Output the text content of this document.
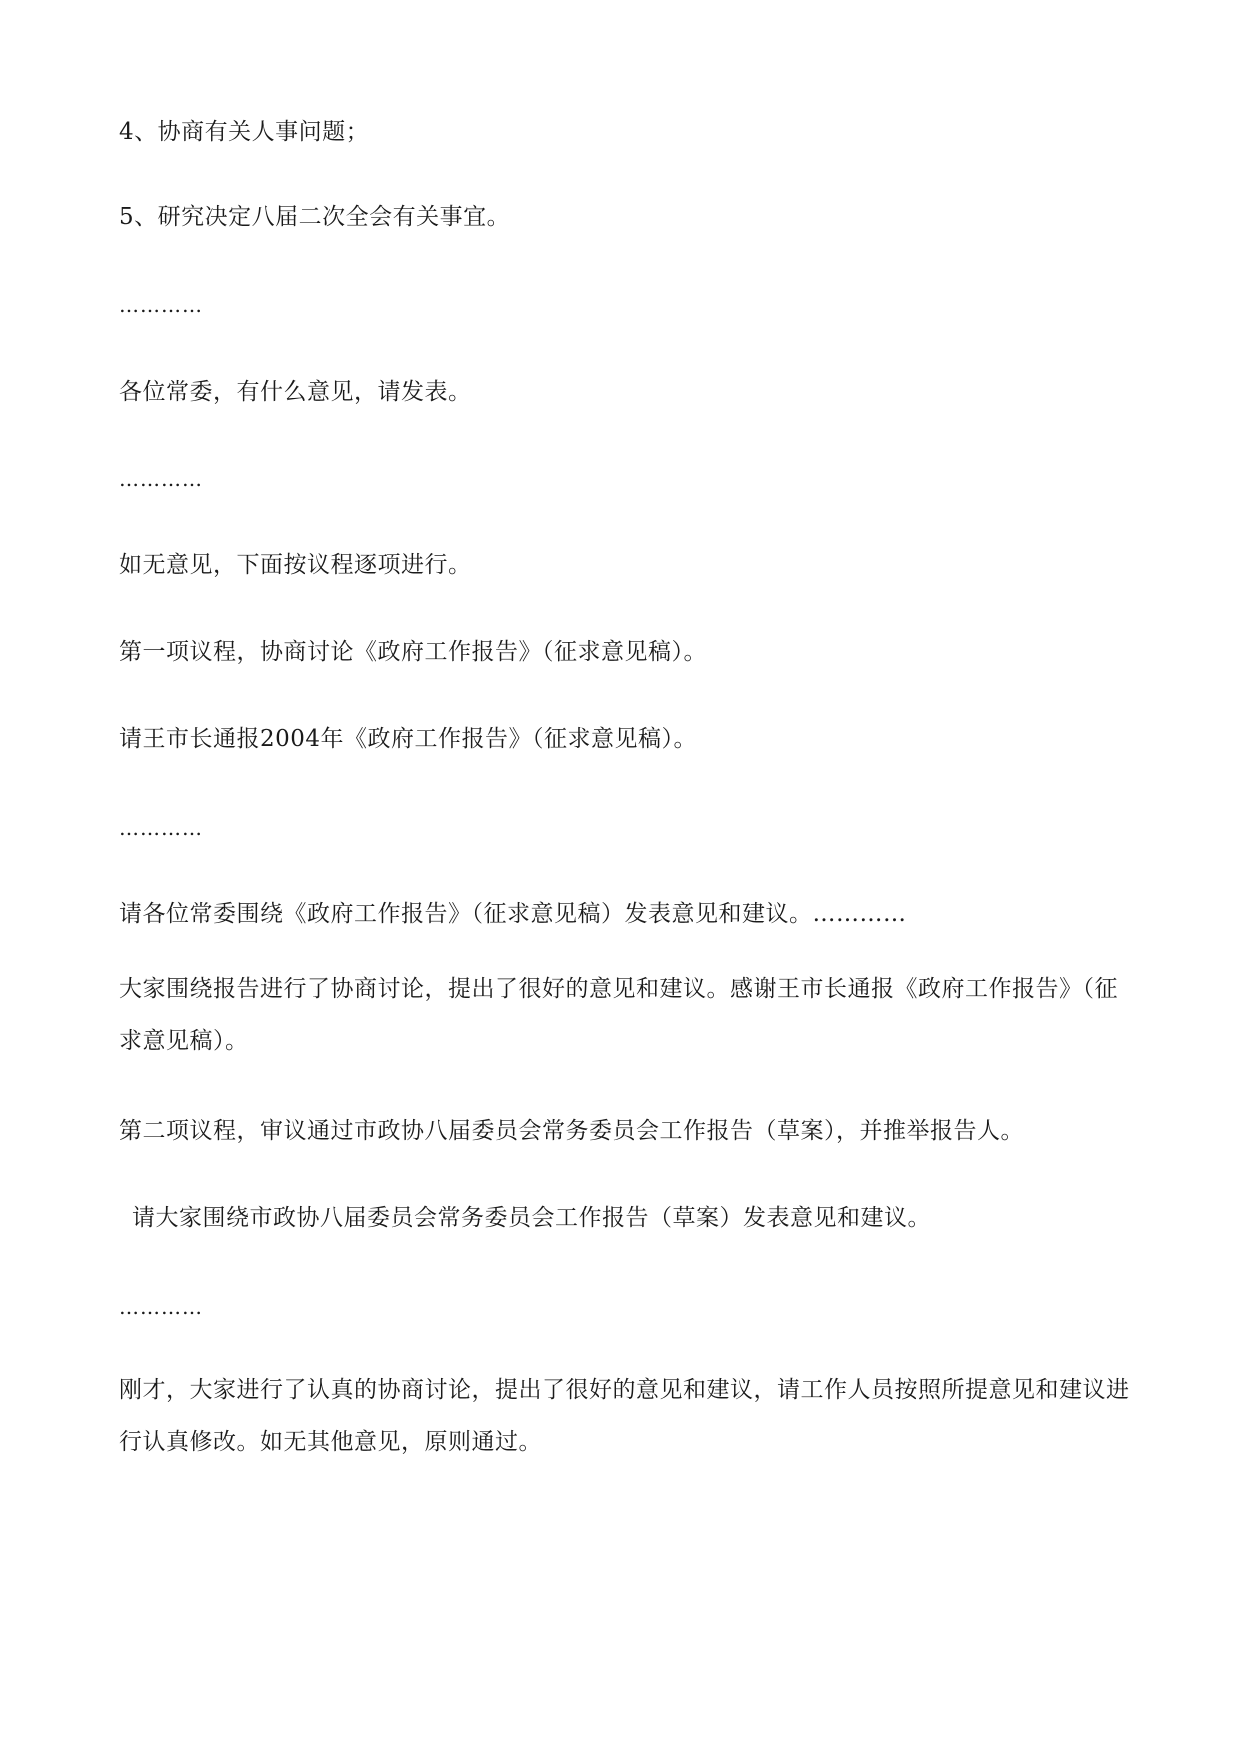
4、协商有关人事问题；
5、研究决定八届二次全会有关事宜。
…………
各位常委，有什么意见，请发表。
…………
如无意见，下面按议程逐项进行。
第一项议程，协商讨论《政府工作报告》（征求意见稿）。
请王市长通报2004年《政府工作报告》（征求意见稿）。
…………
请各位常委围绕《政府工作报告》（征求意见稿）发表意见和建议。…………
大家围绕报告进行了协商讨论，提出了很好的意见和建议。感谢王市长通报《政府工作报告》（征求意见稿）。
第二项议程，审议通过市政协八届委员会常务委员会工作报告（草案），并推举报告人。
请大家围绕市政协八届委员会常务委员会工作报告（草案）发表意见和建议。
…………
刚才，大家进行了认真的协商讨论，提出了很好的意见和建议，请工作人员按照所提意见和建议进行认真修改。如无其他意见，原则通过。
